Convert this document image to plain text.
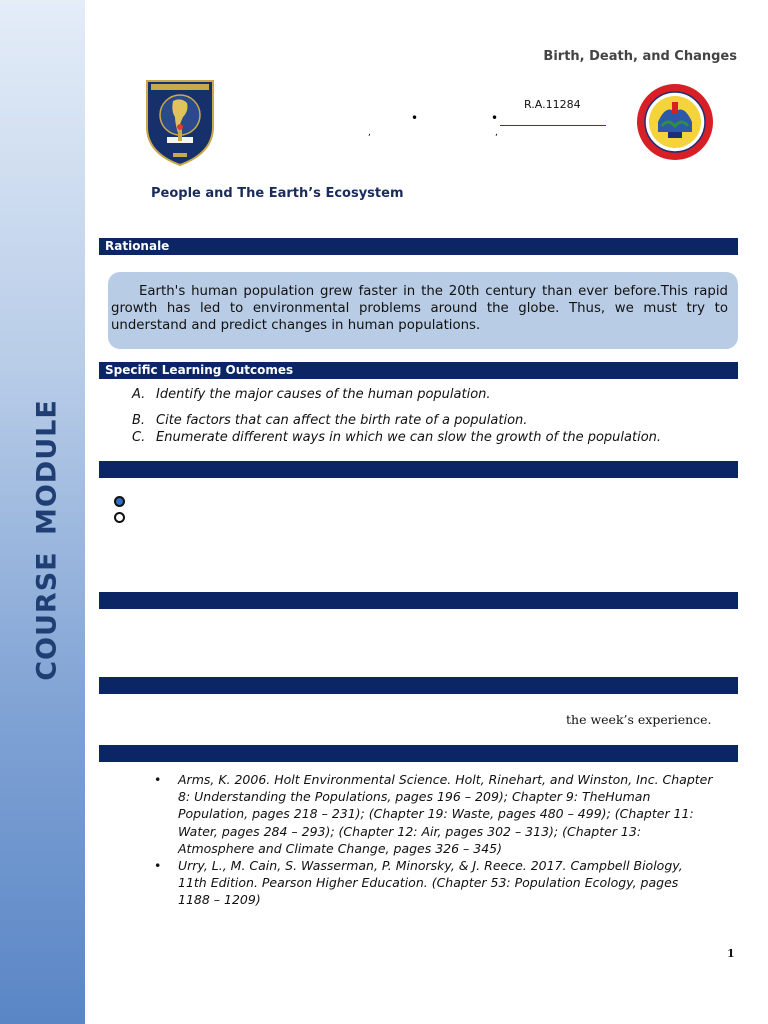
COURSE MODULE
Birth, Death, and Changes
R.A.11284
•	•
,	,
People and The Earth’s Ecosystem
Rationale
Earth's human population grew faster in the 20th century than ever before.This rapid growth has led to environmental problems around the globe. Thus, we must try to understand and predict changes in human populations.
Specific Learning Outcomes
A. Identify the major causes of the human population.
B. Cite factors that can affect the birth rate of a population.
C. Enumerate different ways in which we can slow the growth of the population.
the week’s experience.
• Arms, K. 2006. Holt Environmental Science. Holt, Rinehart, and Winston, Inc. Chapter 8: Understanding the Populations, pages 196 – 209); Chapter 9: TheHuman Population, pages 218 – 231); (Chapter 19: Waste, pages 480 – 499); (Chapter 11: Water, pages 284 – 293); (Chapter 12: Air, pages 302 – 313); (Chapter 13: Atmosphere and Climate Change, pages 326 – 345)
• Urry, L., M. Cain, S. Wasserman, P. Minorsky, & J. Reece. 2017. Campbell Biology, 11th Edition. Pearson Higher Education. (Chapter 53: Population Ecology, pages 1188 – 1209)
1
